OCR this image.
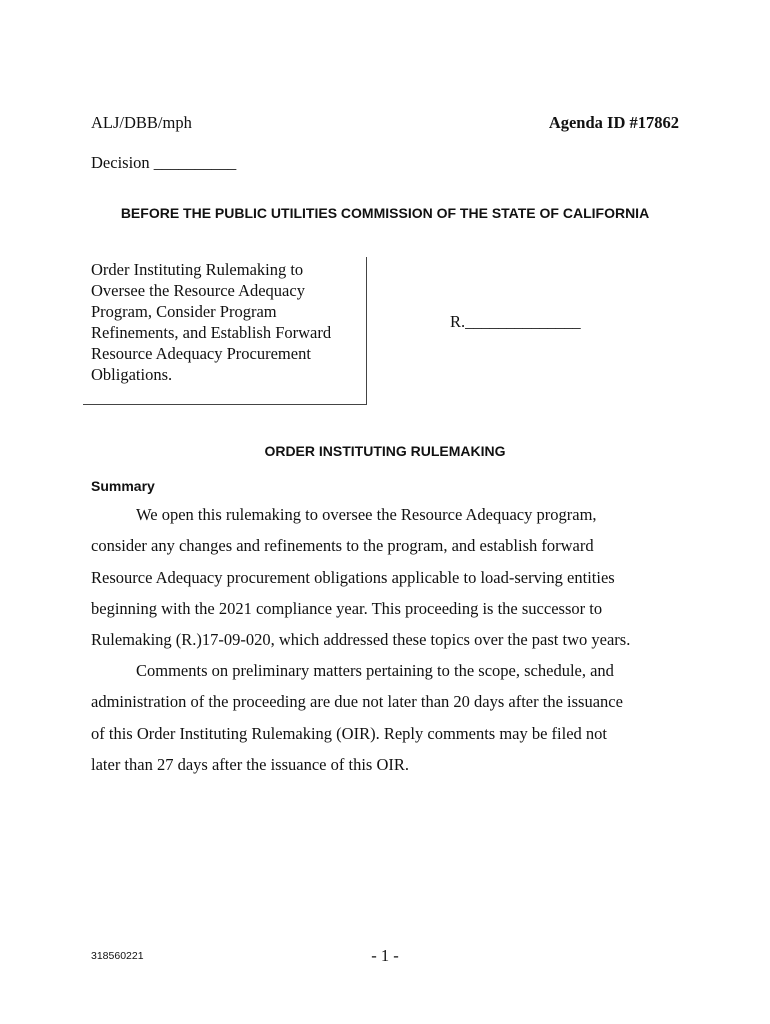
ALJ/DBB/mph	Agenda ID #17862
Decision __________
BEFORE THE PUBLIC UTILITIES COMMISSION OF THE STATE OF CALIFORNIA
Order Instituting Rulemaking to
Oversee the Resource Adequacy
Program, Consider Program
Refinements, and Establish Forward
Resource Adequacy Procurement
Obligations.
R.______________
ORDER INSTITUTING RULEMAKING
Summary
We open this rulemaking to oversee the Resource Adequacy program,
consider any changes and refinements to the program, and establish forward
Resource Adequacy procurement obligations applicable to load-serving entities
beginning with the 2021 compliance year. This proceeding is the successor to
Rulemaking (R.)17-09-020, which addressed these topics over the past two years.
Comments on preliminary matters pertaining to the scope, schedule, and
administration of the proceeding are due not later than 20 days after the issuance
of this Order Instituting Rulemaking (OIR). Reply comments may be filed not
later than 27 days after the issuance of this OIR.
318560221	- 1 -
